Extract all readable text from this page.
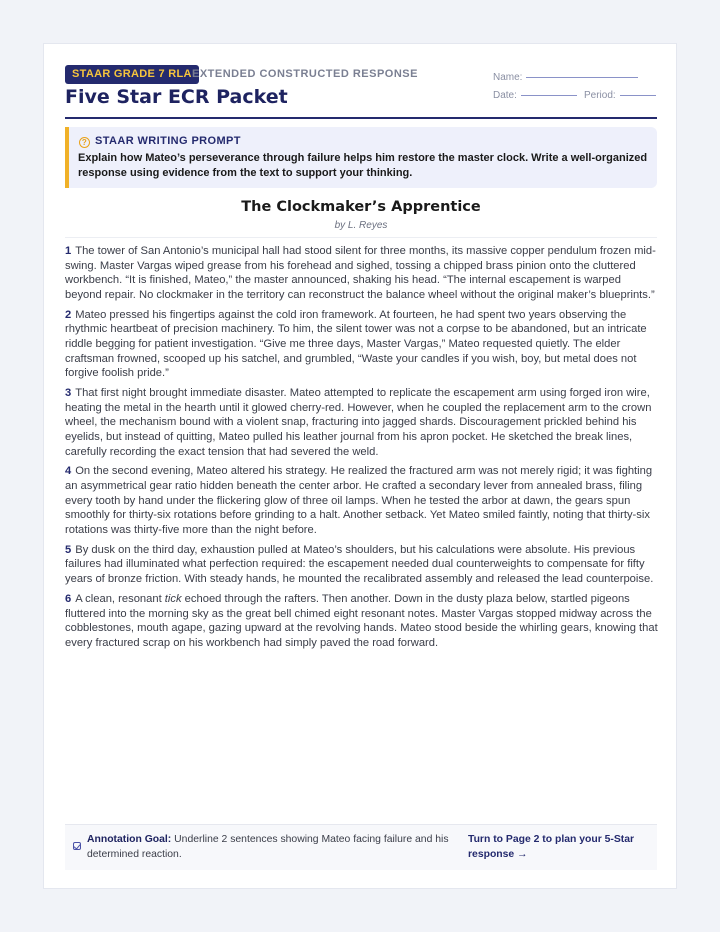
STAAR GRADE 7 RLA EXTENDED CONSTRUCTED RESPONSE
Five Star ECR Packet
Name:
Date:	Period:
? STAAR WRITING PROMPT
Explain how Mateo’s perseverance through failure helps him restore the master clock. Write a well-organized response using evidence from the text to support your thinking.
The Clockmaker’s Apprentice
by L. Reyes

1 The tower of San Antonio’s municipal hall had stood silent for three months, its massive copper pendulum frozen mid-swing. Master Vargas wiped grease from his forehead and sighed, tossing a chipped brass pinion onto the cluttered workbench. “It is finished, Mateo,” the master announced, shaking his head. “The internal escapement is warped beyond repair. No clockmaker in the territory can reconstruct the balance wheel without the original maker’s blueprints.”

2 Mateo pressed his fingertips against the cold iron framework. At fourteen, he had spent two years observing the rhythmic heartbeat of precision machinery. To him, the silent tower was not a corpse to be abandoned, but an intricate riddle begging for patient investigation. “Give me three days, Master Vargas,” Mateo requested quietly. The elder craftsman frowned, scooped up his satchel, and grumbled, “Waste your candles if you wish, boy, but metal does not forgive foolish pride.”

3 That first night brought immediate disaster. Mateo attempted to replicate the escapement arm using forged iron wire, heating the metal in the hearth until it glowed cherry-red. However, when he coupled the replacement arm to the crown wheel, the mechanism bound with a violent snap, fracturing into jagged shards. Discouragement prickled behind his eyelids, but instead of quitting, Mateo pulled his leather journal from his apron pocket. He sketched the break lines, carefully recording the exact tension that had severed the weld.

4 On the second evening, Mateo altered his strategy. He realized the fractured arm was not merely rigid; it was fighting an asymmetrical gear ratio hidden beneath the center arbor. He crafted a secondary lever from annealed brass, filing every tooth by hand under the flickering glow of three oil lamps. When he tested the arbor at dawn, the gears spun smoothly for thirty-six rotations before grinding to a halt. Another setback. Yet Mateo smiled faintly, noting that thirty-six rotations was thirty-five more than the night before.

5 By dusk on the third day, exhaustion pulled at Mateo’s shoulders, but his calculations were absolute. His previous failures had illuminated what perfection required: the escapement needed dual counterweights to compensate for fifty years of bronze friction. With steady hands, he mounted the recalibrated assembly and released the lead counterpoise.

6 A clean, resonant tick echoed through the rafters. Then another. Down in the dusty plaza below, startled pigeons fluttered into the morning sky as the great bell chimed eight resonant notes. Master Vargas stopped midway across the cobblestones, mouth agape, gazing upward at the revolving hands. Mateo stood beside the whirling gears, knowing that every fractured scrap on his workbench had simply paved the road forward.

Annotation Goal: Underline 2 sentences showing Mateo facing failure and his determined reaction.
Turn to Page 2 to plan your 5-Star response →
